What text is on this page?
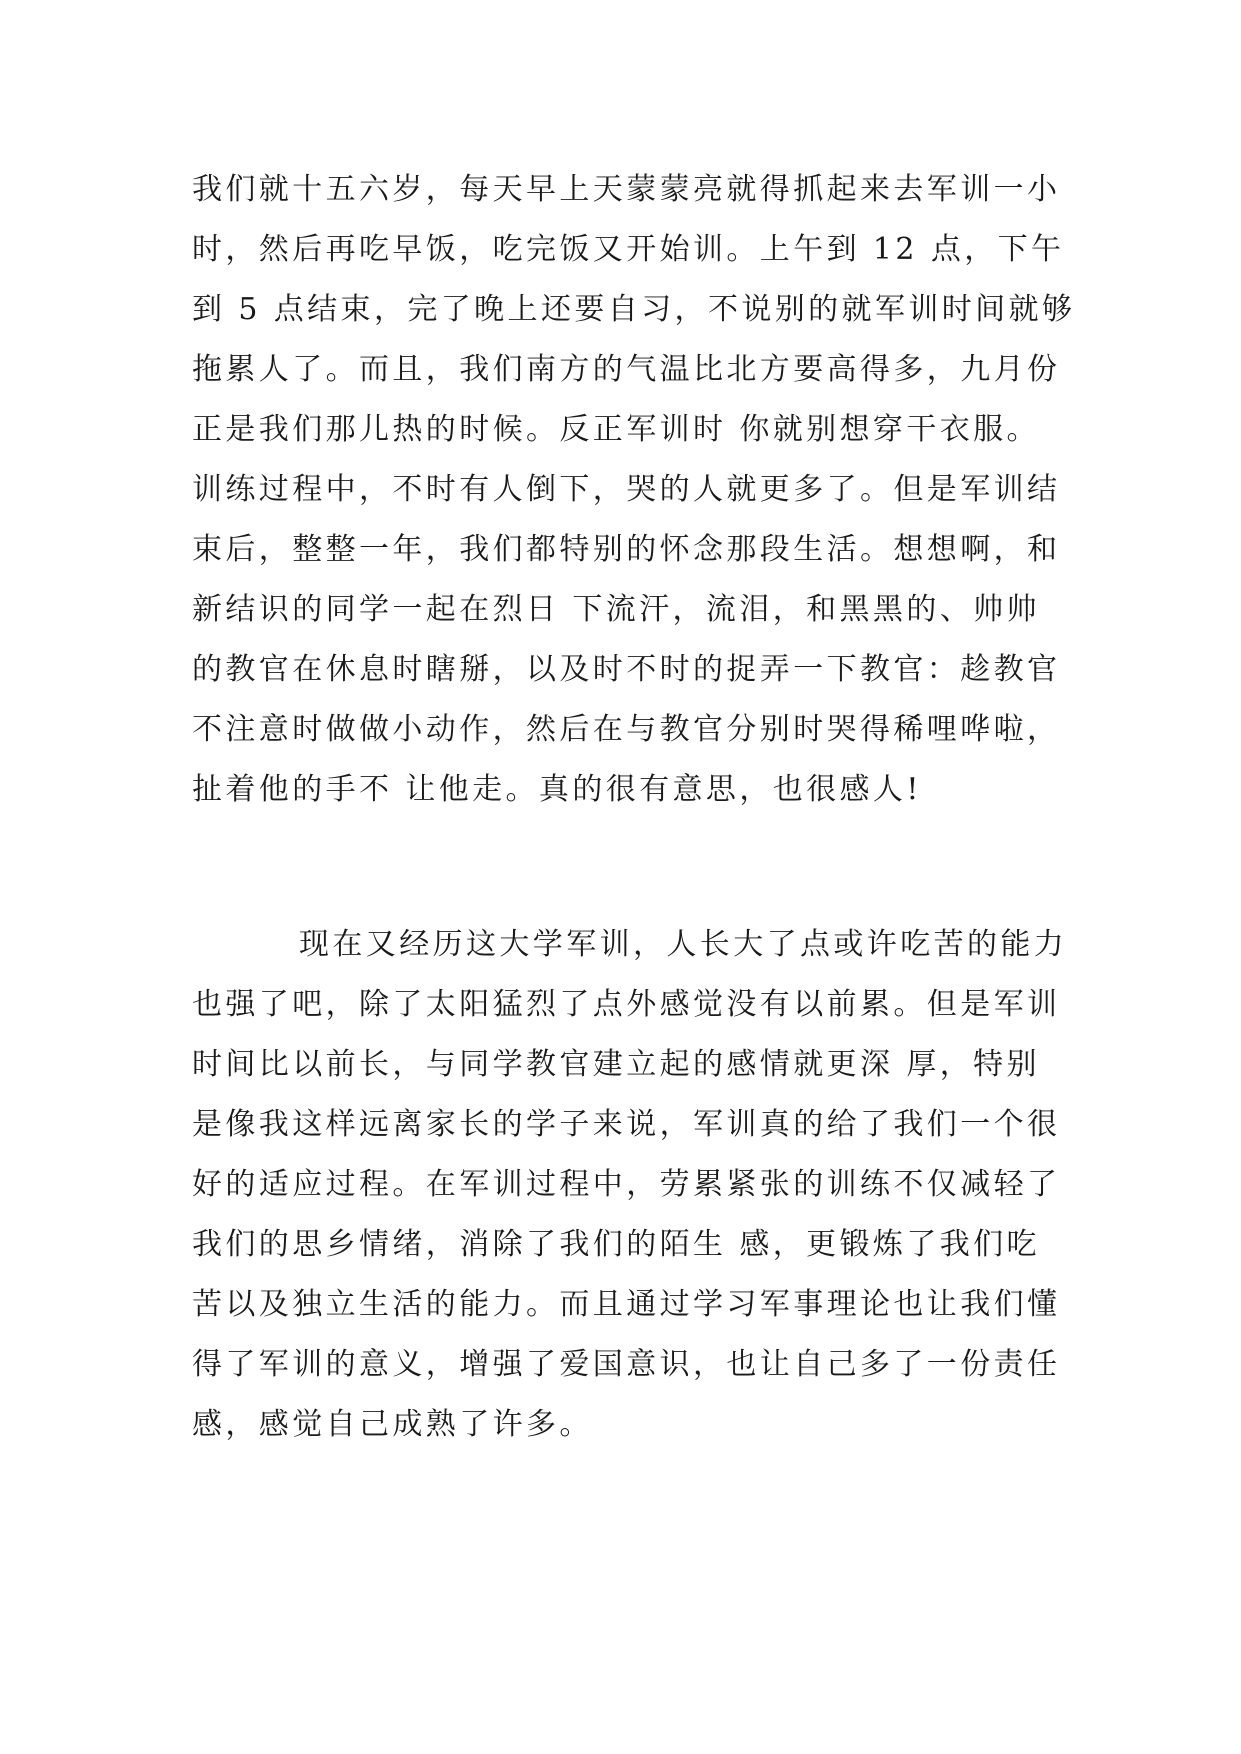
我们就十五六岁，每天早上天蒙蒙亮就得抓起来去军训一小
时，然后再吃早饭，吃完饭又开始训。上午到 12 点，下午
到 5 点结束，完了晚上还要自习，不说别的就军训时间就够
拖累人了。而且，我们南方的气温比北方要高得多，九月份
正是我们那儿热的时候。反正军训时 你就别想穿干衣服。
训练过程中，不时有人倒下，哭的人就更多了。但是军训结
束后，整整一年，我们都特别的怀念那段生活。想想啊，和
新结识的同学一起在烈日 下流汗，流泪，和黑黑的、帅帅
的教官在休息时瞎掰，以及时不时的捉弄一下教官：趁教官
不注意时做做小动作，然后在与教官分别时哭得稀哩哗啦，
扯着他的手不 让他走。真的很有意思，也很感人!
现在又经历这大学军训，人长大了点或许吃苦的能力
也强了吧，除了太阳猛烈了点外感觉没有以前累。但是军训
时间比以前长，与同学教官建立起的感情就更深 厚，特别
是像我这样远离家长的学子来说，军训真的给了我们一个很
好的适应过程。在军训过程中，劳累紧张的训练不仅减轻了
我们的思乡情绪，消除了我们的陌生 感，更锻炼了我们吃
苦以及独立生活的能力。而且通过学习军事理论也让我们懂
得了军训的意义，增强了爱国意识，也让自己多了一份责任
感，感觉自己成熟了许多。
